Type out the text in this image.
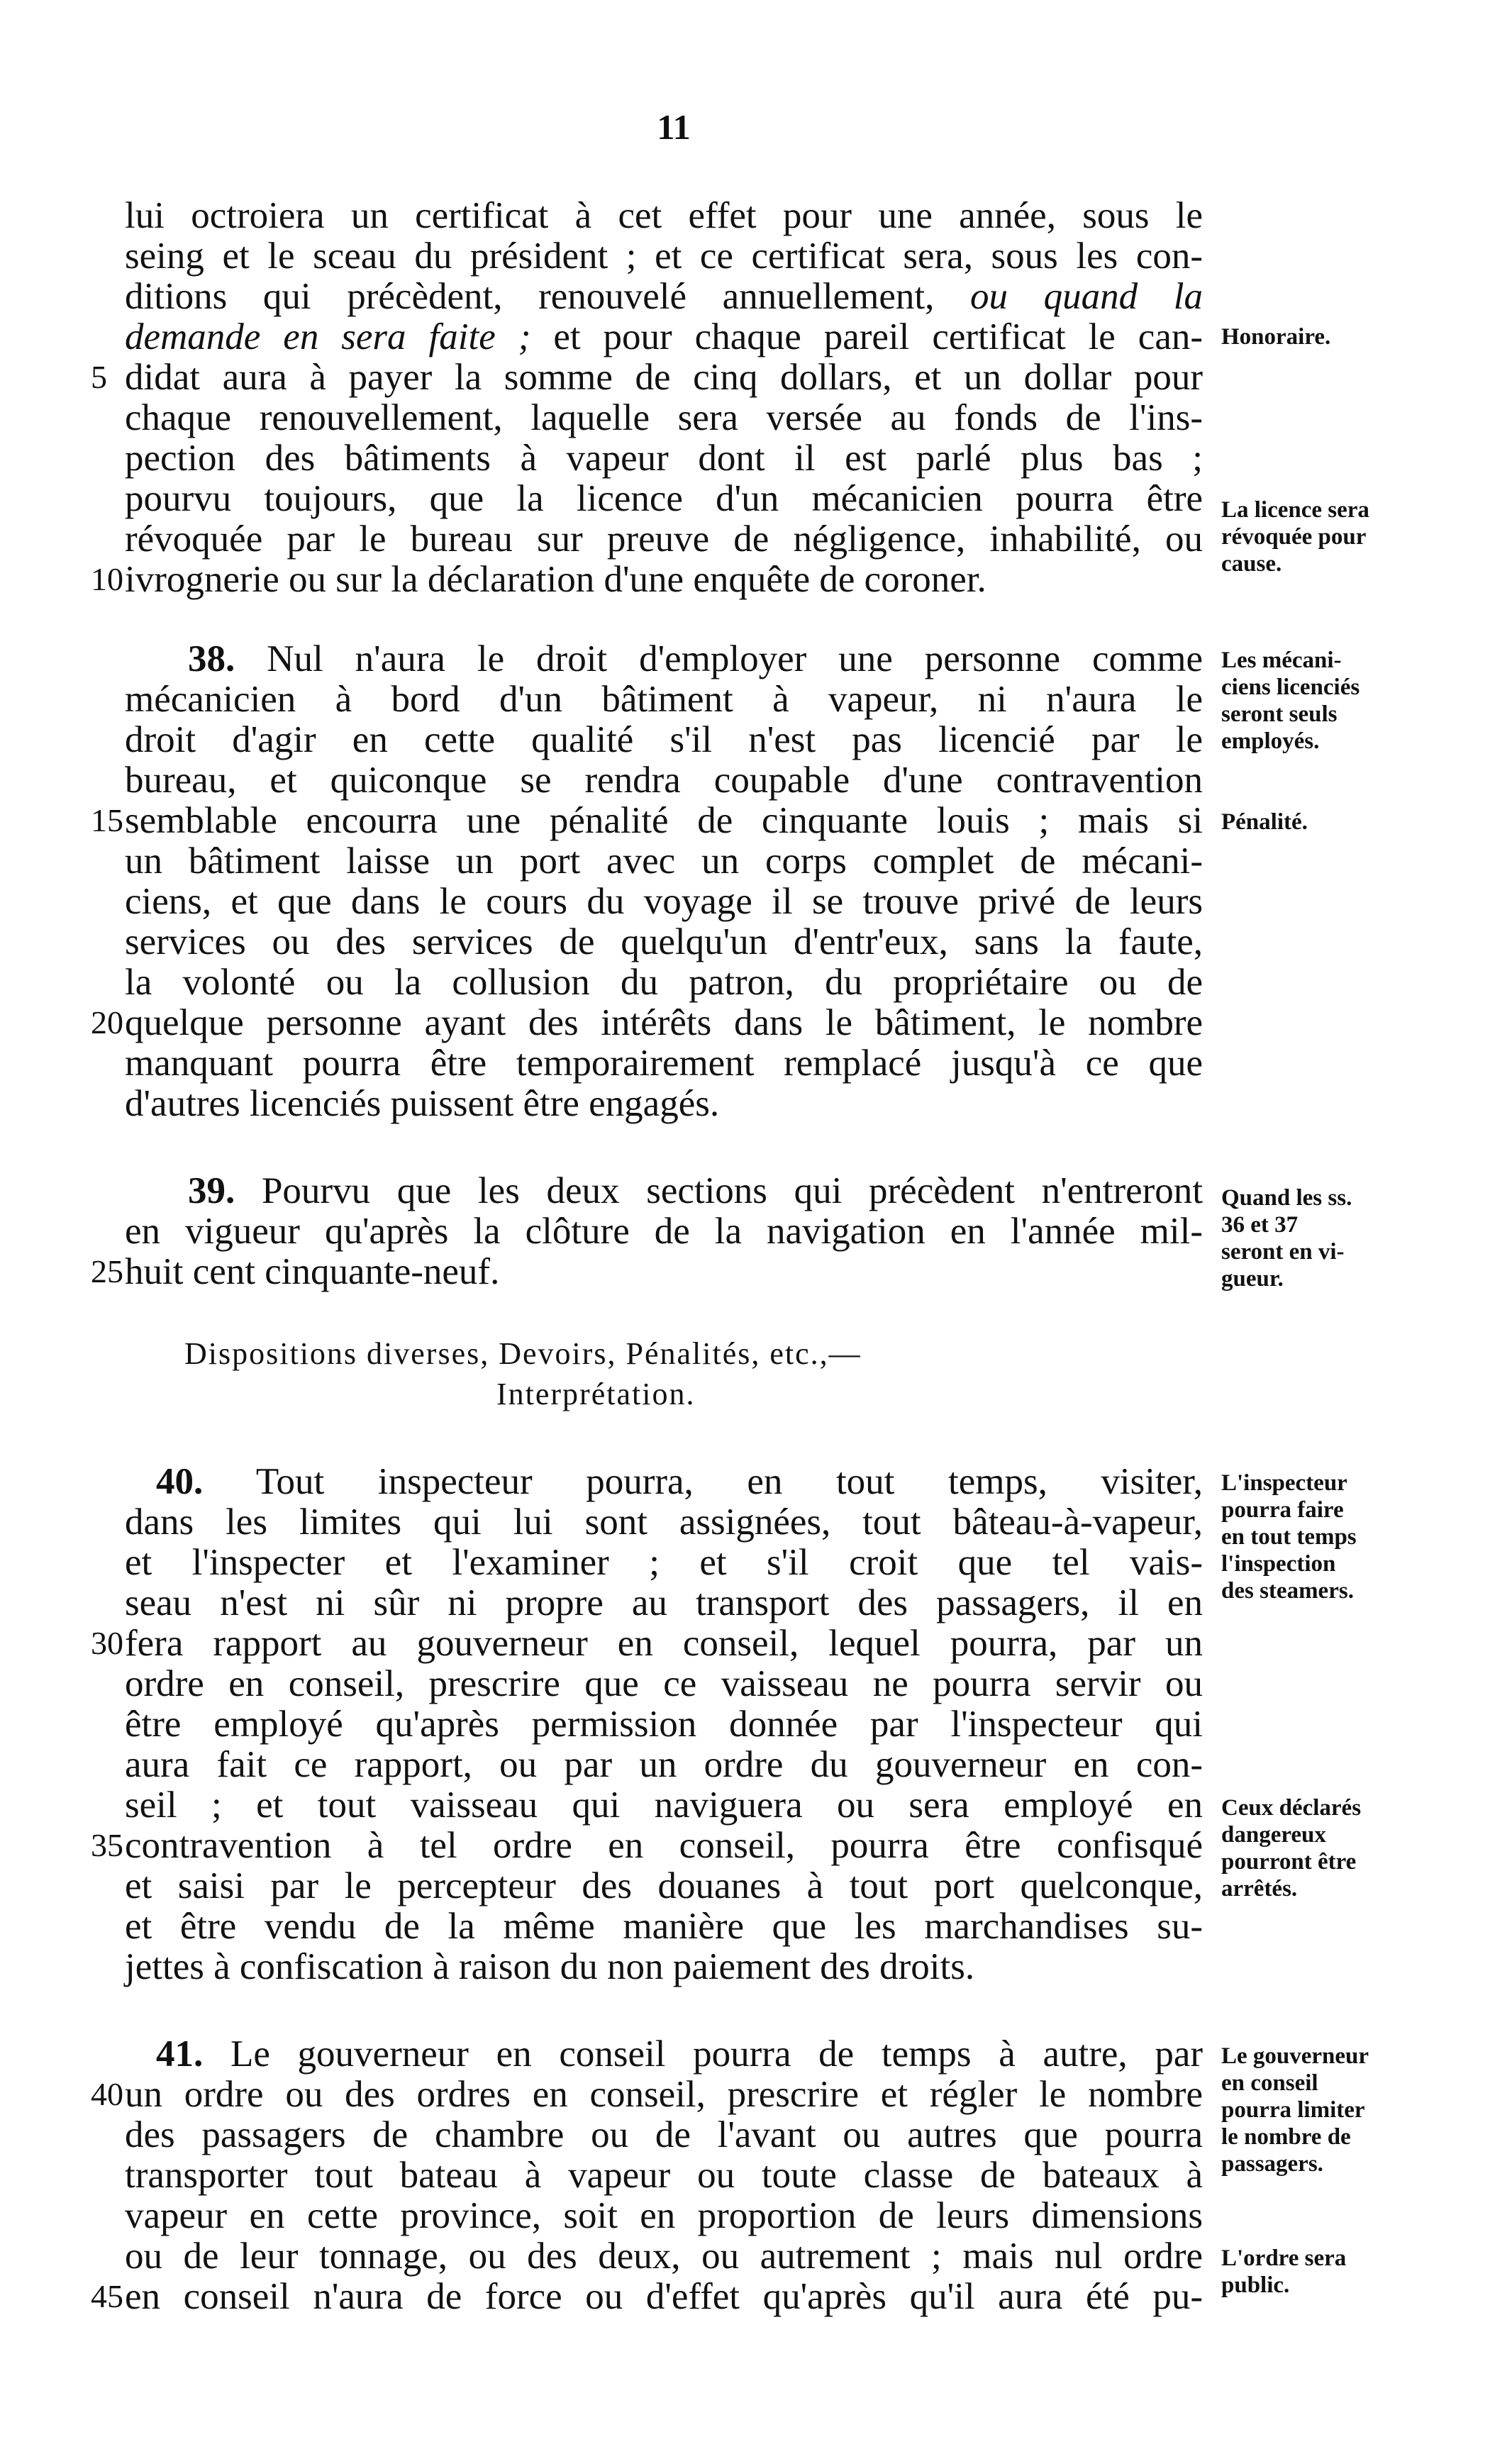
11
lui octroiera un certificat à cet effet pour une année, sous le
seing et le sceau du président ; et ce certificat sera, sous les con-
ditions qui précèdent, renouvelé annuellement, ou quand la
demande en sera faite ; et pour chaque pareil certificat le can-
5 didat aura à payer la somme de cinq dollars, et un dollar pour
chaque renouvellement, laquelle sera versée au fonds de l'ins-
pection des bâtiments à vapeur dont il est parlé plus bas ;
pourvu toujours, que la licence d'un mécanicien pourra être
révoquée par le bureau sur preuve de négligence, inhabilité, ou
10 ivrognerie ou sur la déclaration d'une enquête de coroner.
38. Nul n'aura le droit d'employer une personne comme
mécanicien à bord d'un bâtiment à vapeur, ni n'aura le
droit d'agir en cette qualité s'il n'est pas licencié par le
bureau, et quiconque se rendra coupable d'une contravention
15 semblable encourra une pénalité de cinquante louis ; mais si
un bâtiment laisse un port avec un corps complet de mécani-
ciens, et que dans le cours du voyage il se trouve privé de leurs
services ou des services de quelqu'un d'entr'eux, sans la faute,
la volonté ou la collusion du patron, du propriétaire ou de
20 quelque personne ayant des intérêts dans le bâtiment, le nombre
manquant pourra être temporairement remplacé jusqu'à ce que
d'autres licenciés puissent être engagés.
39. Pourvu que les deux sections qui précèdent n'entreront
en vigueur qu'après la clôture de la navigation en l'année mil-
25 huit cent cinquante-neuf.
Dispositions diverses, Devoirs, Pénalités, etc.,—
Interprétation.
40. Tout inspecteur pourra, en tout temps, visiter,
dans les limites qui lui sont assignées, tout bâteau-à-vapeur,
et l'inspecter et l'examiner ; et s'il croit que tel vais-
seau n'est ni sûr ni propre au transport des passagers, il en
30 fera rapport au gouverneur en conseil, lequel pourra, par un
ordre en conseil, prescrire que ce vaisseau ne pourra servir ou
être employé qu'après permission donnée par l'inspecteur qui
aura fait ce rapport, ou par un ordre du gouverneur en con-
seil ; et tout vaisseau qui naviguera ou sera employé en
35 contravention à tel ordre en conseil, pourra être confisqué
et saisi par le percepteur des douanes à tout port quelconque,
et être vendu de la même manière que les marchandises su-
jettes à confiscation à raison du non paiement des droits.
41. Le gouverneur en conseil pourra de temps à autre, par
40 un ordre ou des ordres en conseil, prescrire et régler le nombre
des passagers de chambre ou de l'avant ou autres que pourra
transporter tout bateau à vapeur ou toute classe de bateaux à
vapeur en cette province, soit en proportion de leurs dimensions
ou de leur tonnage, ou des deux, ou autrement ; mais nul ordre
45 en conseil n'aura de force ou d'effet qu'après qu'il aura été pu-
Honoraire.
La licence sera
révoquée pour
cause.
Les mécani-
ciens licenciés
seront seuls
employés.
Pénalité.
Quand les ss.
36 et 37
seront en vi-
gueur.
L'inspecteur
pourra faire
en tout temps
l'inspection
des steamers.
Ceux déclarés
dangereux
pourront être
arrêtés.
Le gouverneur
en conseil
pourra limiter
le nombre de
passagers.
L'ordre sera
public.
